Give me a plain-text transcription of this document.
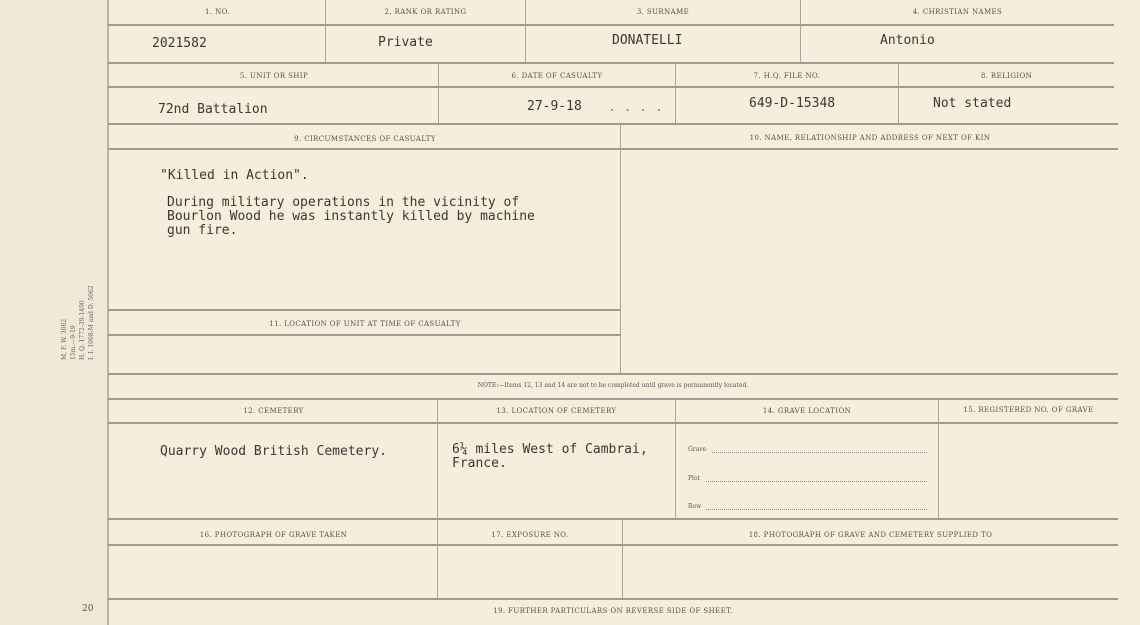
M. F. W. 3062 15m.—9-19 H. Q. 1772-39-1490 I. I. 1008-M and D. 5062
20
1. NO.	2. RANK OR RATING	3. SURNAME	4. CHRISTIAN NAMES
2021582	Private	DONATELLI	Antonio
5. UNIT OR SHIP	6. DATE OF CASUALTY	7. H.Q. FILE NO.	8. RELIGION
72nd Battalion	27-9-18 . . . .	649-D-15348	Not stated
9. CIRCUMSTANCES OF CASUALTY	10. NAME, RELATIONSHIP AND ADDRESS OF NEXT OF KIN
"Killed in Action".
During military operations in the vicinity of
Bourlon Wood he was instantly killed by machine
gun fire.
11. LOCATION OF UNIT AT TIME OF CASUALTY
NOTE:—Items 12, 13 and 14 are not to be completed until grave is permanently located.
12. CEMETERY	13. LOCATION OF CEMETERY	14. GRAVE LOCATION	15. REGISTERED NO. OF GRAVE
Quarry Wood British Cemetery.	6¼ miles West of Cambrai,
France.
Grave
Plot
Row
16. PHOTOGRAPH OF GRAVE TAKEN	17. EXPOSURE NO.	18. PHOTOGRAPH OF GRAVE AND CEMETERY SUPPLIED TO
19. FURTHER PARTICULARS ON REVERSE SIDE OF SHEET.
